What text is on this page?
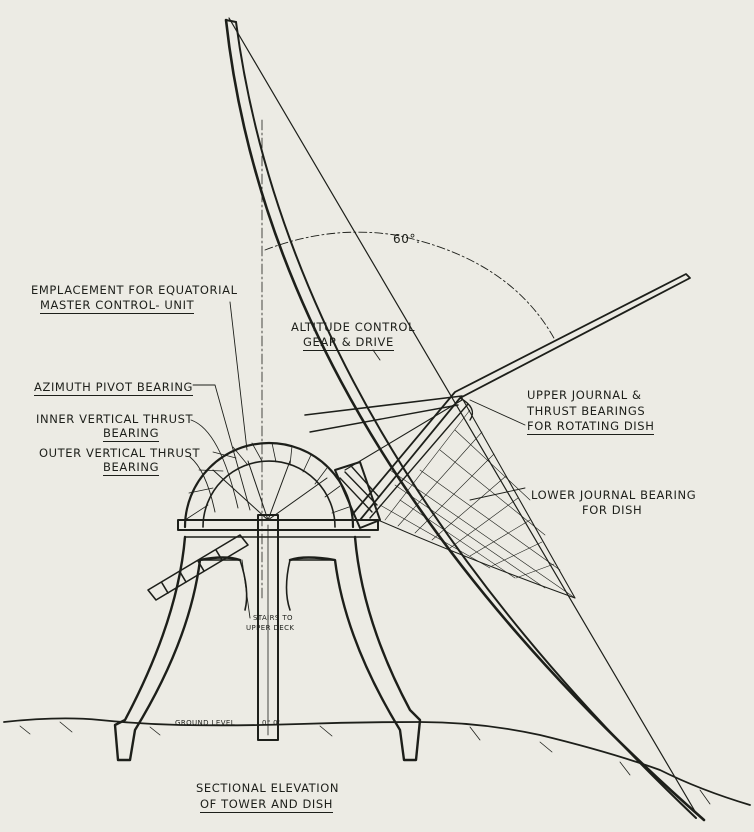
60°.
EMPLACEMENT FOR EQUATORIAL
MASTER CONTROL- UNIT
ALTITUDE CONTROL
GEAR & DRIVE
AZIMUTH PIVOT BEARING
INNER VERTICAL THRUST
BEARING
OUTER VERTICAL THRUST
BEARING
UPPER JOURNAL &
THRUST BEARINGS
FOR ROTATING DISH
LOWER JOURNAL BEARING
FOR DISH
STAIRS TO
UPPER DECK
GROUND LEVEL	0" 0'
SECTIONAL ELEVATION
OF TOWER AND DISH
